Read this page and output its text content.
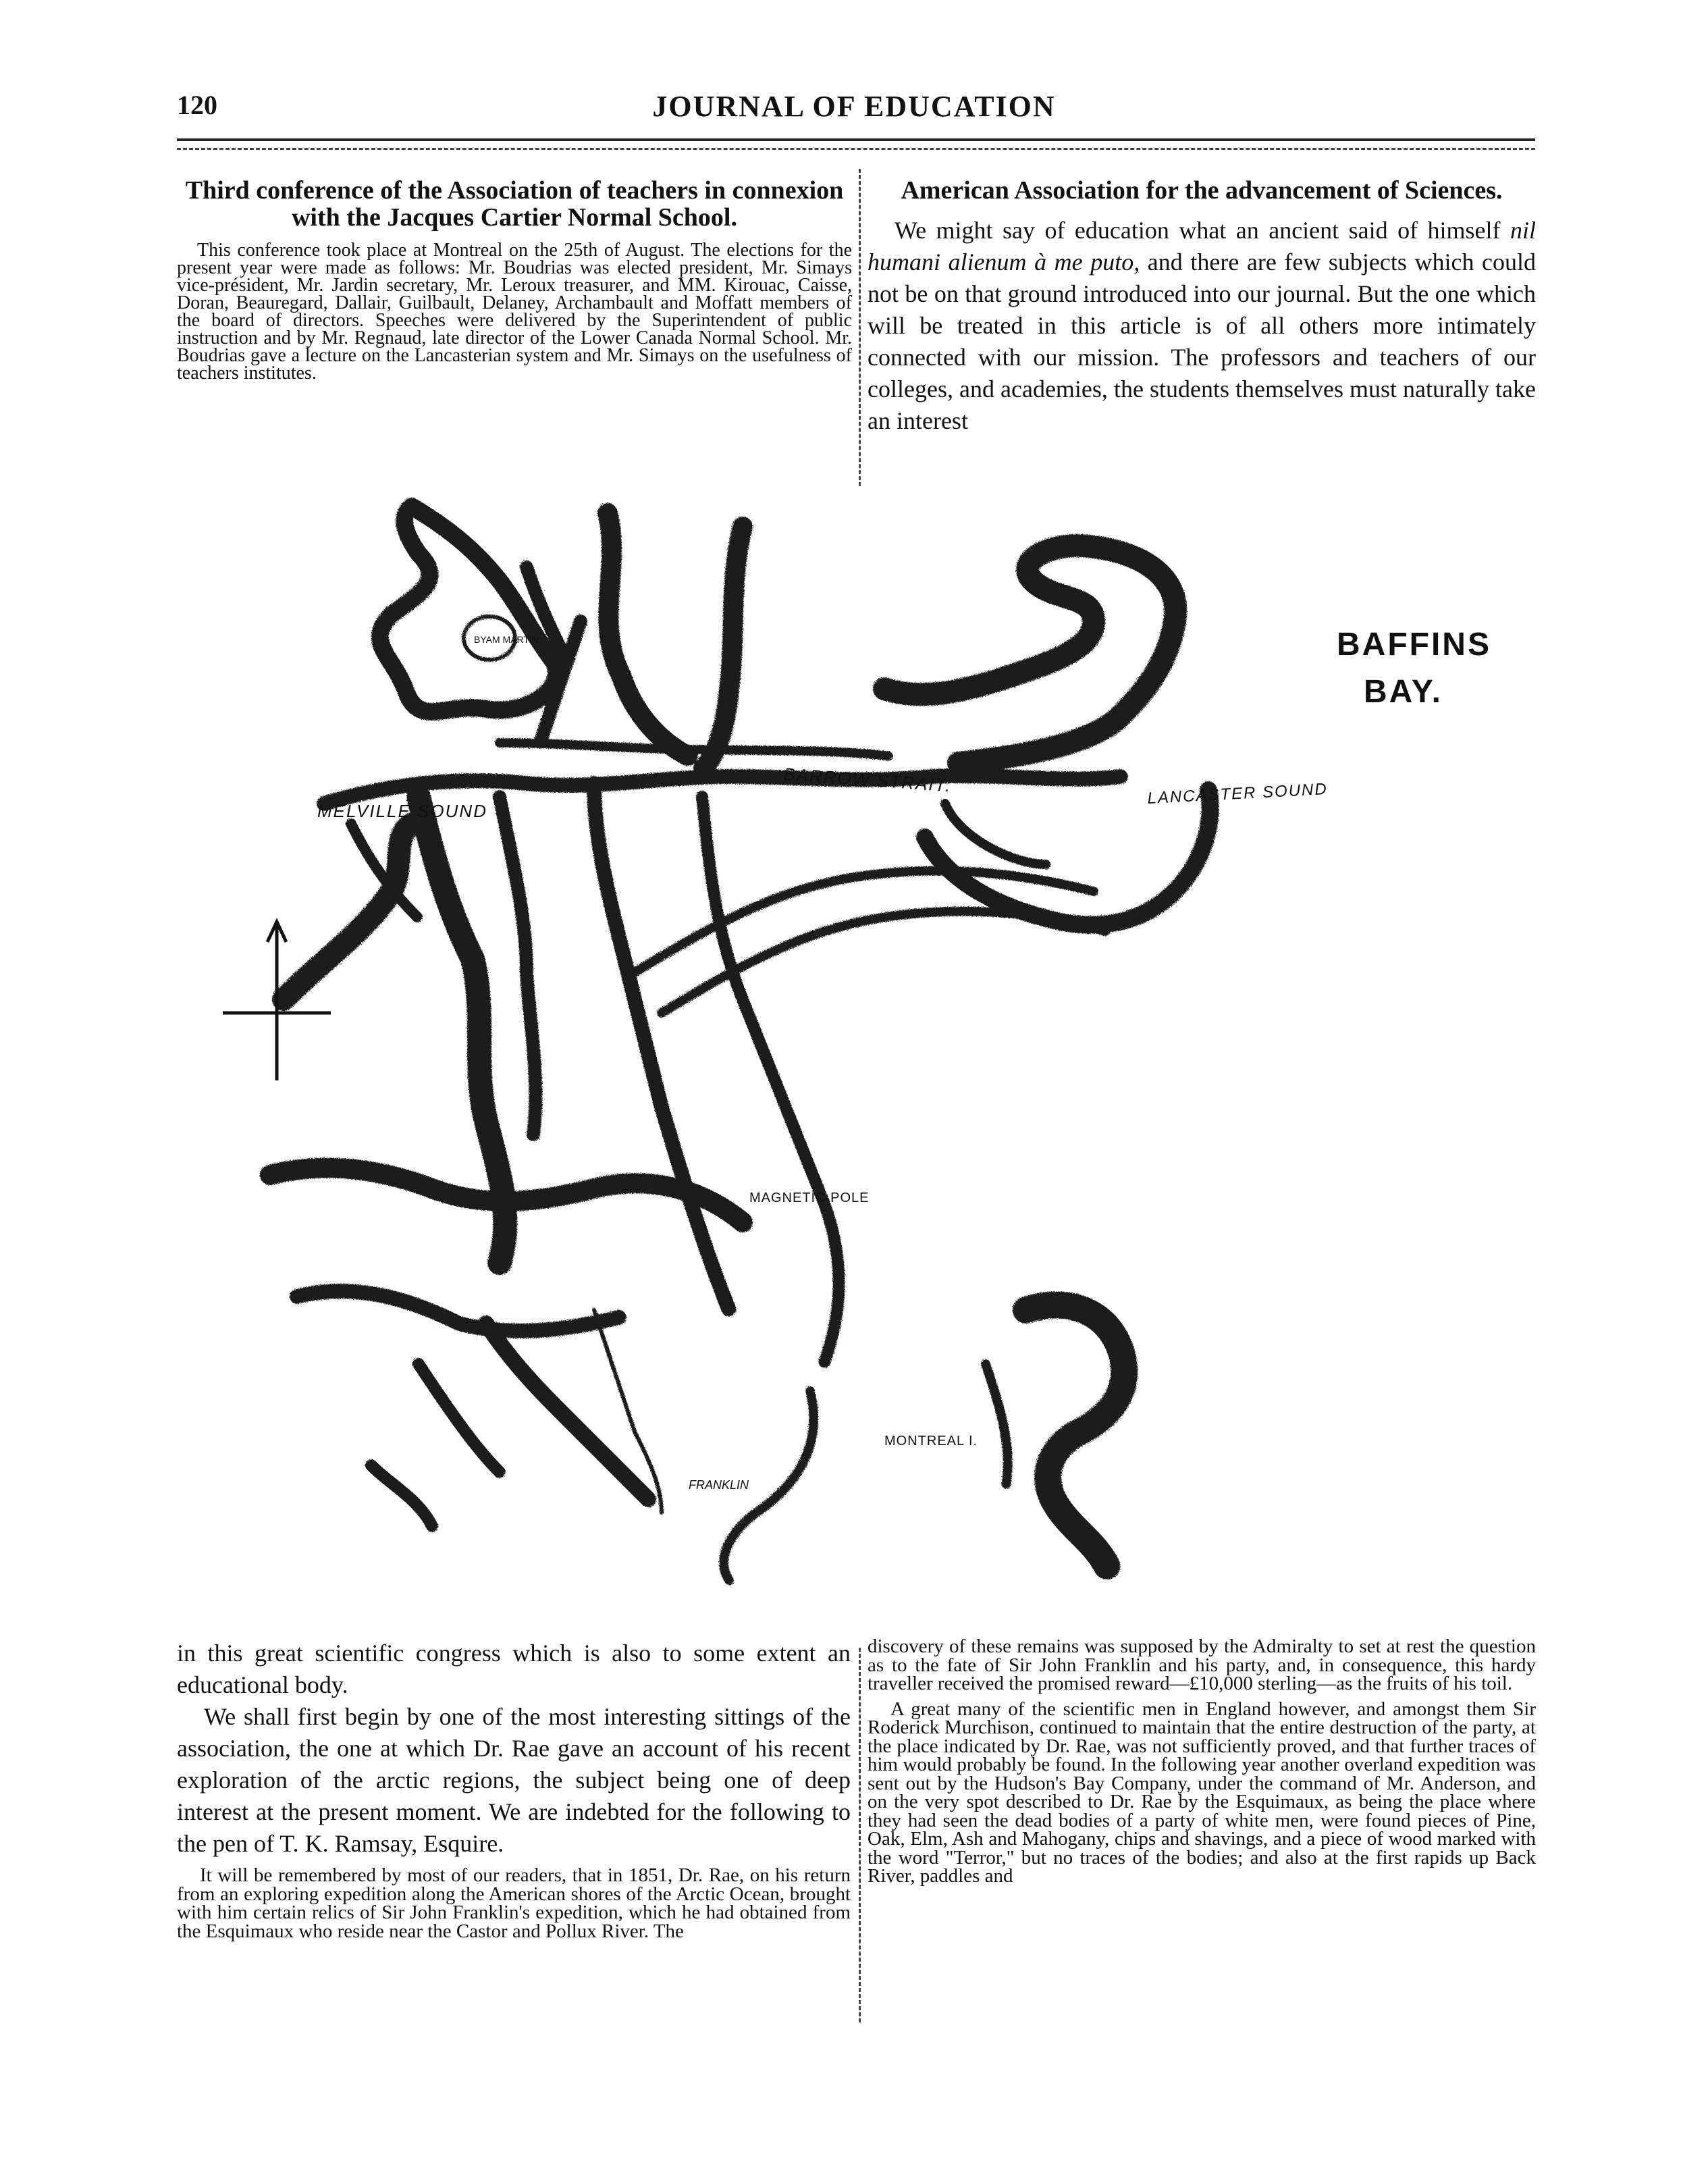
120	JOURNAL OF EDUCATION
Third conference of the Association of teachers in connexion with the Jacques Cartier Normal School.

This conference took place at Montreal on the 25th of August. The elections for the present year were made as follows: Mr. Boudrias was elected president, Mr. Simays vice-président, Mr. Jardin secretary, Mr. Leroux treasurer, and MM. Kirouac, Caisse, Doran, Beauregard, Dallair, Guilbault, Delaney, Archambault and Moffatt members of the board of directors. Speeches were delivered by the Superintendent of public instruction and by Mr. Regnaud, late director of the Lower Canada Normal School. Mr. Boudrias gave a lecture on the Lancasterian system and Mr. Simays on the usefulness of teachers institutes.

American Association for the advancement of Sciences.

We might say of education what an ancient said of himself nil humani alienum à me puto, and there are few subjects which could not be on that ground introduced into our journal. But the one which will be treated in this article is of all others more intimately connected with our mission. The professors and teachers of our colleges, and academies, the students themselves must naturally take an interest

BAFFINS
BAY.
BARROW STRAIT.	LANCASTER SOUND
MELVILLE SOUND
MAGNETIC POLE
MONTREAL I.
FRANKLIN
BYAM MARTIN

in this great scientific congress which is also to some extent an educational body.

We shall first begin by one of the most interesting sittings of the association, the one at which Dr. Rae gave an account of his recent exploration of the arctic regions, the subject being one of deep interest at the present moment. We are indebted for the following to the pen of T. K. Ramsay, Esquire.

It will be remembered by most of our readers, that in 1851, Dr. Rae, on his return from an exploring expedition along the American shores of the Arctic Ocean, brought with him certain relics of Sir John Franklin's expedition, which he had obtained from the Esquimaux who reside near the Castor and Pollux River. The

discovery of these remains was supposed by the Admiralty to set at rest the question as to the fate of Sir John Franklin and his party, and, in consequence, this hardy traveller received the promised reward—£10,000 sterling—as the fruits of his toil.

A great many of the scientific men in England however, and amongst them Sir Roderick Murchison, continued to maintain that the entire destruction of the party, at the place indicated by Dr. Rae, was not sufficiently proved, and that further traces of him would probably be found. In the following year another overland expedition was sent out by the Hudson's Bay Company, under the command of Mr. Anderson, and on the very spot described to Dr. Rae by the Esquimaux, as being the place where they had seen the dead bodies of a party of white men, were found pieces of Pine, Oak, Elm, Ash and Mahogany, chips and shavings, and a piece of wood marked with the word "Terror," but no traces of the bodies; and also at the first rapids up Back River, paddles and
